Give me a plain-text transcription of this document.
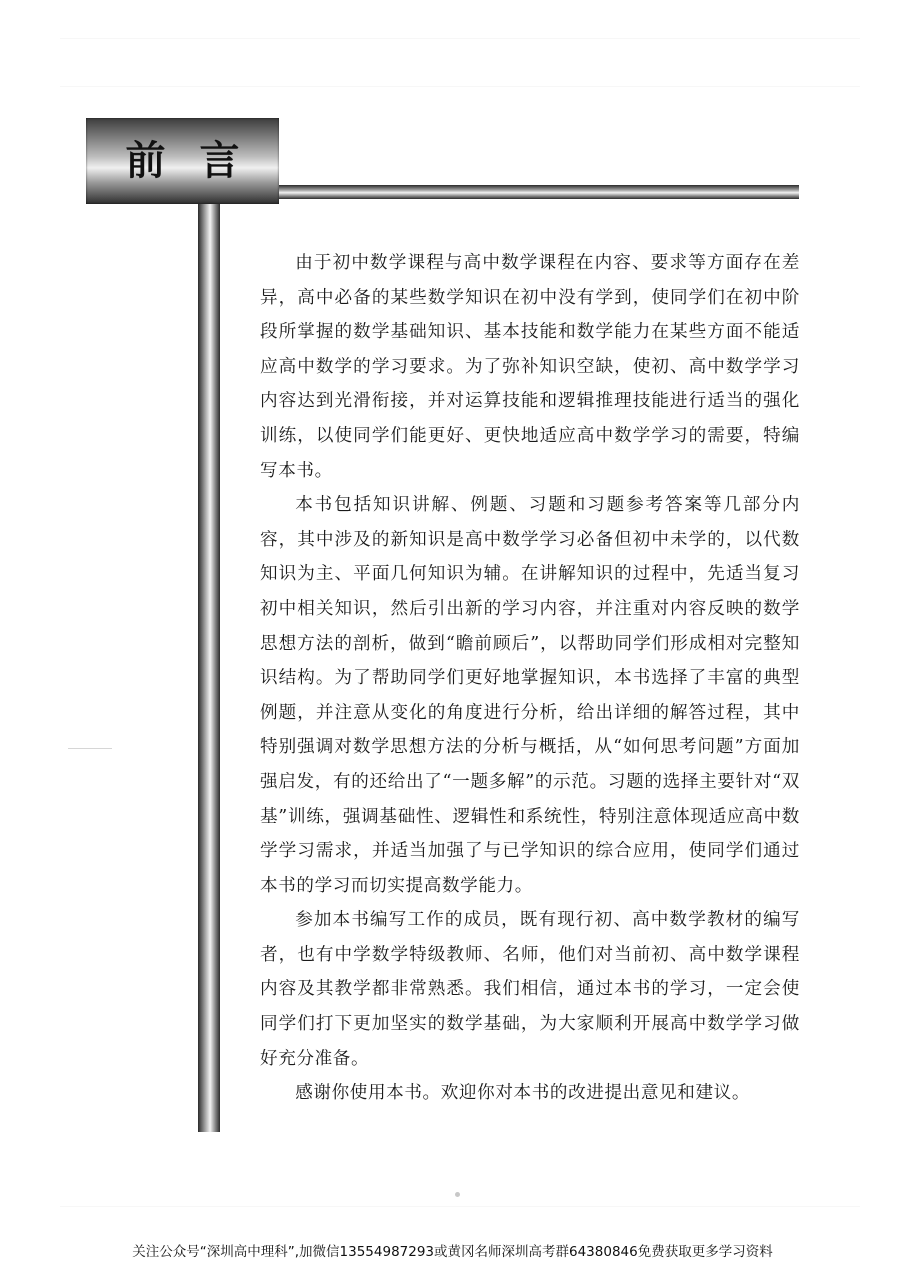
前言

由于初中数学课程与高中数学课程在内容、要求等方面存在差异，高中必备的某些数学知识在初中没有学到，使同学们在初中阶段所掌握的数学基础知识、基本技能和数学能力在某些方面不能适应高中数学的学习要求。为了弥补知识空缺，使初、高中数学学习内容达到光滑衔接，并对运算技能和逻辑推理技能进行适当的强化训练，以使同学们能更好、更快地适应高中数学学习的需要，特编写本书。

本书包括知识讲解、例题、习题和习题参考答案等几部分内容，其中涉及的新知识是高中数学学习必备但初中未学的，以代数知识为主、平面几何知识为辅。在讲解知识的过程中，先适当复习初中相关知识，然后引出新的学习内容，并注重对内容反映的数学思想方法的剖析，做到“瞻前顾后”，以帮助同学们形成相对完整知识结构。为了帮助同学们更好地掌握知识，本书选择了丰富的典型例题，并注意从变化的角度进行分析，给出详细的解答过程，其中特别强调对数学思想方法的分析与概括，从“如何思考问题”方面加强启发，有的还给出了“一题多解”的示范。习题的选择主要针对“双基”训练，强调基础性、逻辑性和系统性，特别注意体现适应高中数学学习需求，并适当加强了与已学知识的综合应用，使同学们通过本书的学习而切实提高数学能力。

参加本书编写工作的成员，既有现行初、高中数学教材的编写者，也有中学数学特级教师、名师，他们对当前初、高中数学课程内容及其教学都非常熟悉。我们相信，通过本书的学习，一定会使同学们打下更加坚实的数学基础，为大家顺利开展高中数学学习做好充分准备。

感谢你使用本书。欢迎你对本书的改进提出意见和建议。

关注公众号“深圳高中理科”,加微信13554987293或黄冈名师深圳高考群64380846免费获取更多学习资料
